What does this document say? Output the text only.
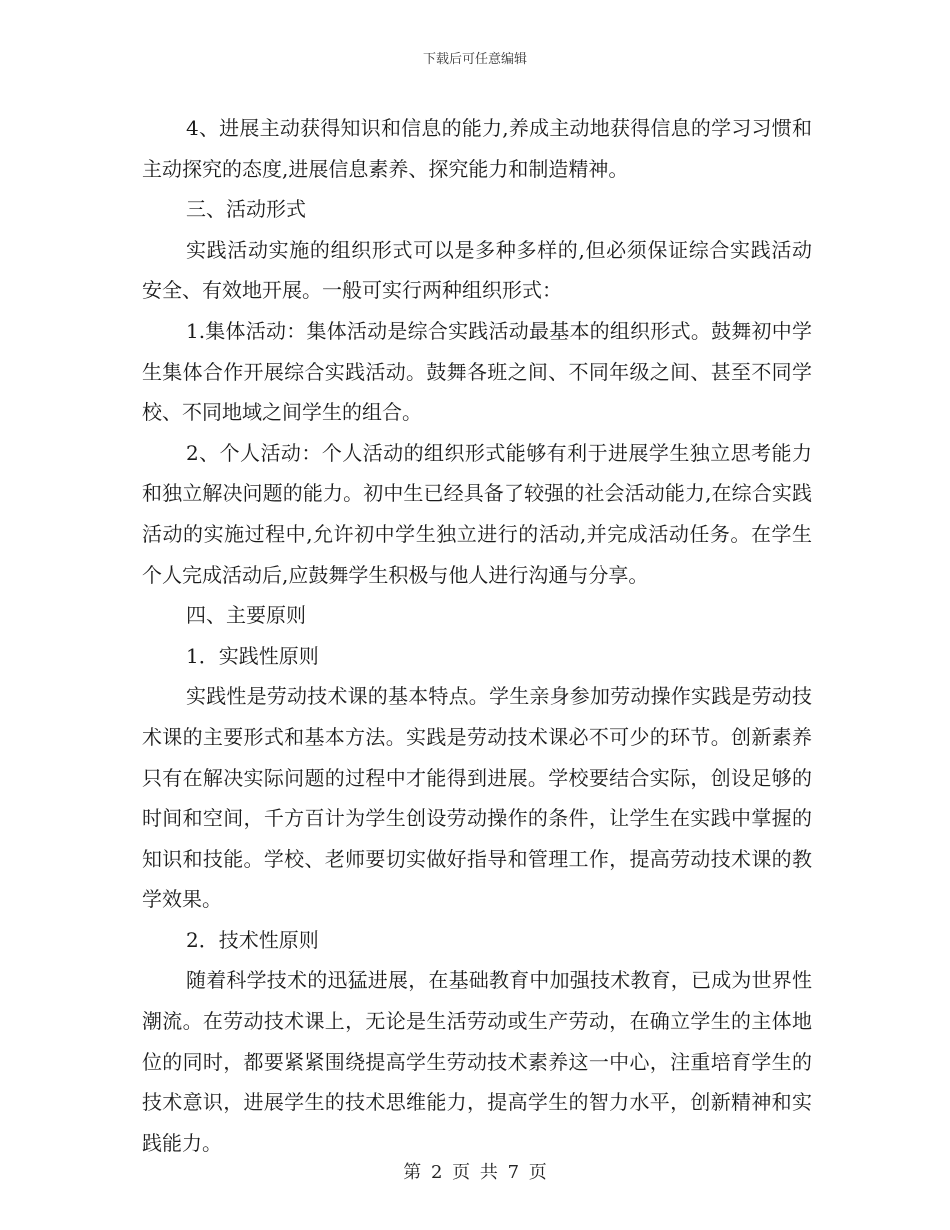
下载后可任意编辑

4、进展主动获得知识和信息的能力,养成主动地获得信息的学习习惯和主动探究的态度,进展信息素养、探究能力和制造精神。

三、活动形式

实践活动实施的组织形式可以是多种多样的,但必须保证综合实践活动安全、有效地开展。一般可实行两种组织形式：

1.集体活动：集体活动是综合实践活动最基本的组织形式。鼓舞初中学生集体合作开展综合实践活动。鼓舞各班之间、不同年级之间、甚至不同学校、不同地域之间学生的组合。

2、个人活动：个人活动的组织形式能够有利于进展学生独立思考能力和独立解决问题的能力。初中生已经具备了较强的社会活动能力,在综合实践活动的实施过程中,允许初中学生独立进行的活动,并完成活动任务。在学生个人完成活动后,应鼓舞学生积极与他人进行沟通与分享。

四、主要原则

1．实践性原则

实践性是劳动技术课的基本特点。学生亲身参加劳动操作实践是劳动技术课的主要形式和基本方法。实践是劳动技术课必不可少的环节。创新素养只有在解决实际问题的过程中才能得到进展。学校要结合实际，创设足够的时间和空间，千方百计为学生创设劳动操作的条件，让学生在实践中掌握的知识和技能。学校、老师要切实做好指导和管理工作，提高劳动技术课的教学效果。

2．技术性原则

随着科学技术的迅猛进展，在基础教育中加强技术教育，已成为世界性潮流。在劳动技术课上，无论是生活劳动或生产劳动，在确立学生的主体地位的同时，都要紧紧围绕提高学生劳动技术素养这一中心，注重培育学生的技术意识，进展学生的技术思维能力，提高学生的智力水平，创新精神和实践能力。

第 2 页 共 7 页
